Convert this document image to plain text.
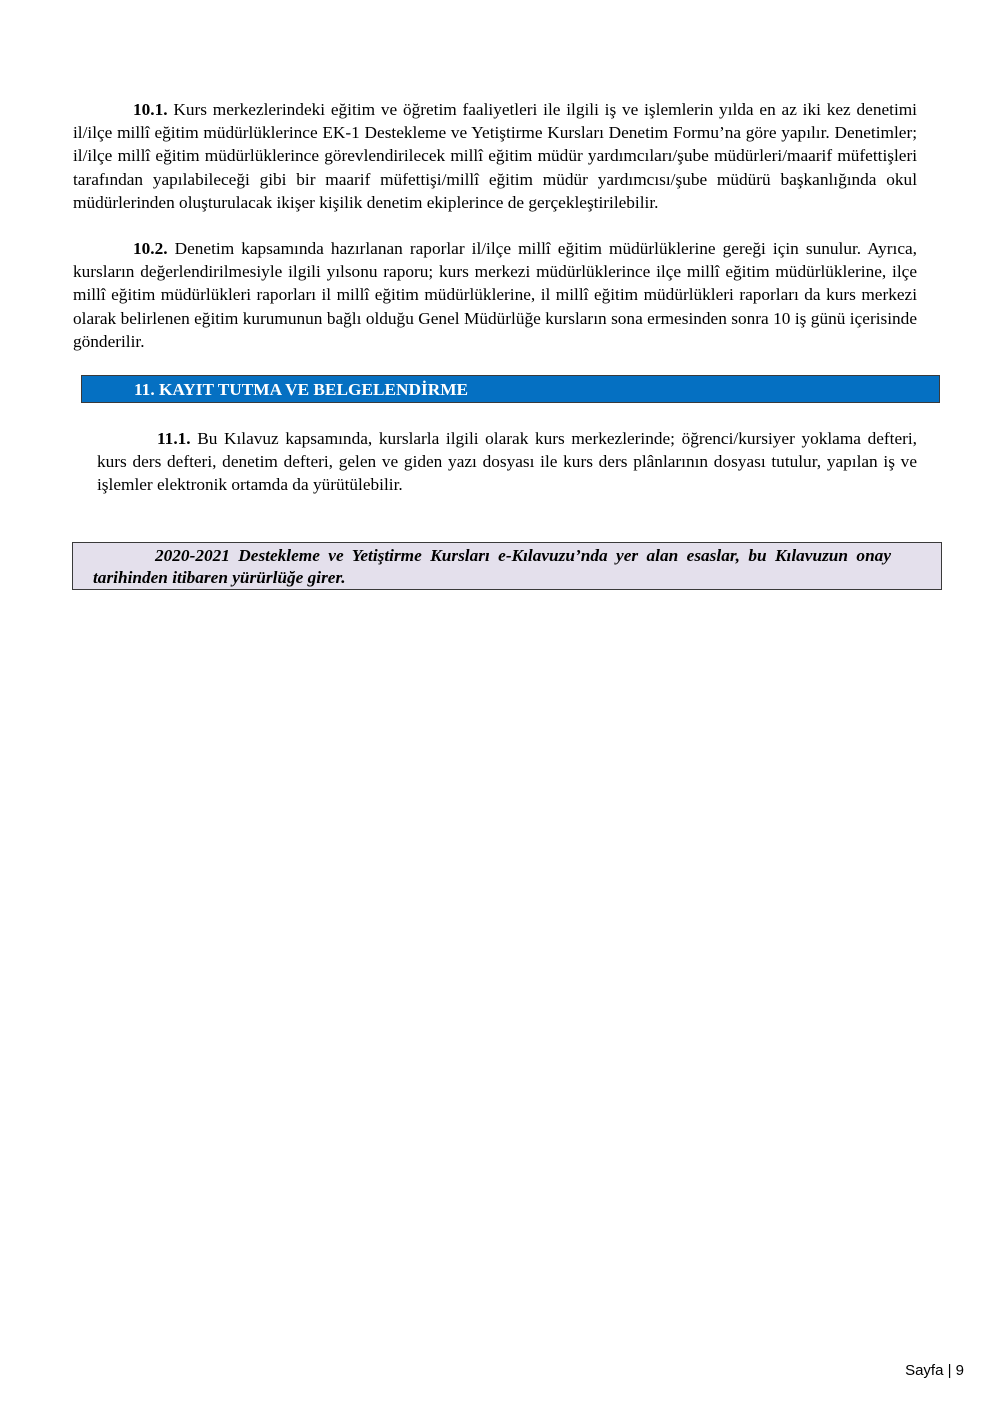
10.1. Kurs merkezlerindeki eğitim ve öğretim faaliyetleri ile ilgili iş ve işlemlerin yılda en az iki kez denetimi il/ilçe millî eğitim müdürlüklerince EK-1 Destekleme ve Yetiştirme Kursları Denetim Formu’na göre yapılır. Denetimler; il/ilçe millî eğitim müdürlüklerince görevlendirilecek millî eğitim müdür yardımcıları/şube müdürleri/maarif müfettişleri tarafından yapılabileceği gibi bir maarif müfettişi/millî eğitim müdür yardımcısı/şube müdürü başkanlığında okul müdürlerinden oluşturulacak ikişer kişilik denetim ekiplerince de gerçekleştirilebilir.

10.2. Denetim kapsamında hazırlanan raporlar il/ilçe millî eğitim müdürlüklerine gereği için sunulur. Ayrıca, kursların değerlendirilmesiyle ilgili yılsonu raporu; kurs merkezi müdürlüklerince ilçe millî eğitim müdürlüklerine, ilçe millî eğitim müdürlükleri raporları il millî eğitim müdürlüklerine, il millî eğitim müdürlükleri raporları da kurs merkezi olarak belirlenen eğitim kurumunun bağlı olduğu Genel Müdürlüğe kursların sona ermesinden sonra 10 iş günü içerisinde gönderilir.

11. KAYIT TUTMA VE BELGELENDİRME

11.1. Bu Kılavuz kapsamında, kurslarla ilgili olarak kurs merkezlerinde; öğrenci/kursiyer yoklama defteri, kurs ders defteri, denetim defteri, gelen ve giden yazı dosyası ile kurs ders plânlarının dosyası tutulur, yapılan iş ve işlemler elektronik ortamda da yürütülebilir.

2020-2021 Destekleme ve Yetiştirme Kursları e-Kılavuzu’nda yer alan esaslar, bu Kılavuzun onay tarihinden itibaren yürürlüğe girer.

Sayfa | 9
